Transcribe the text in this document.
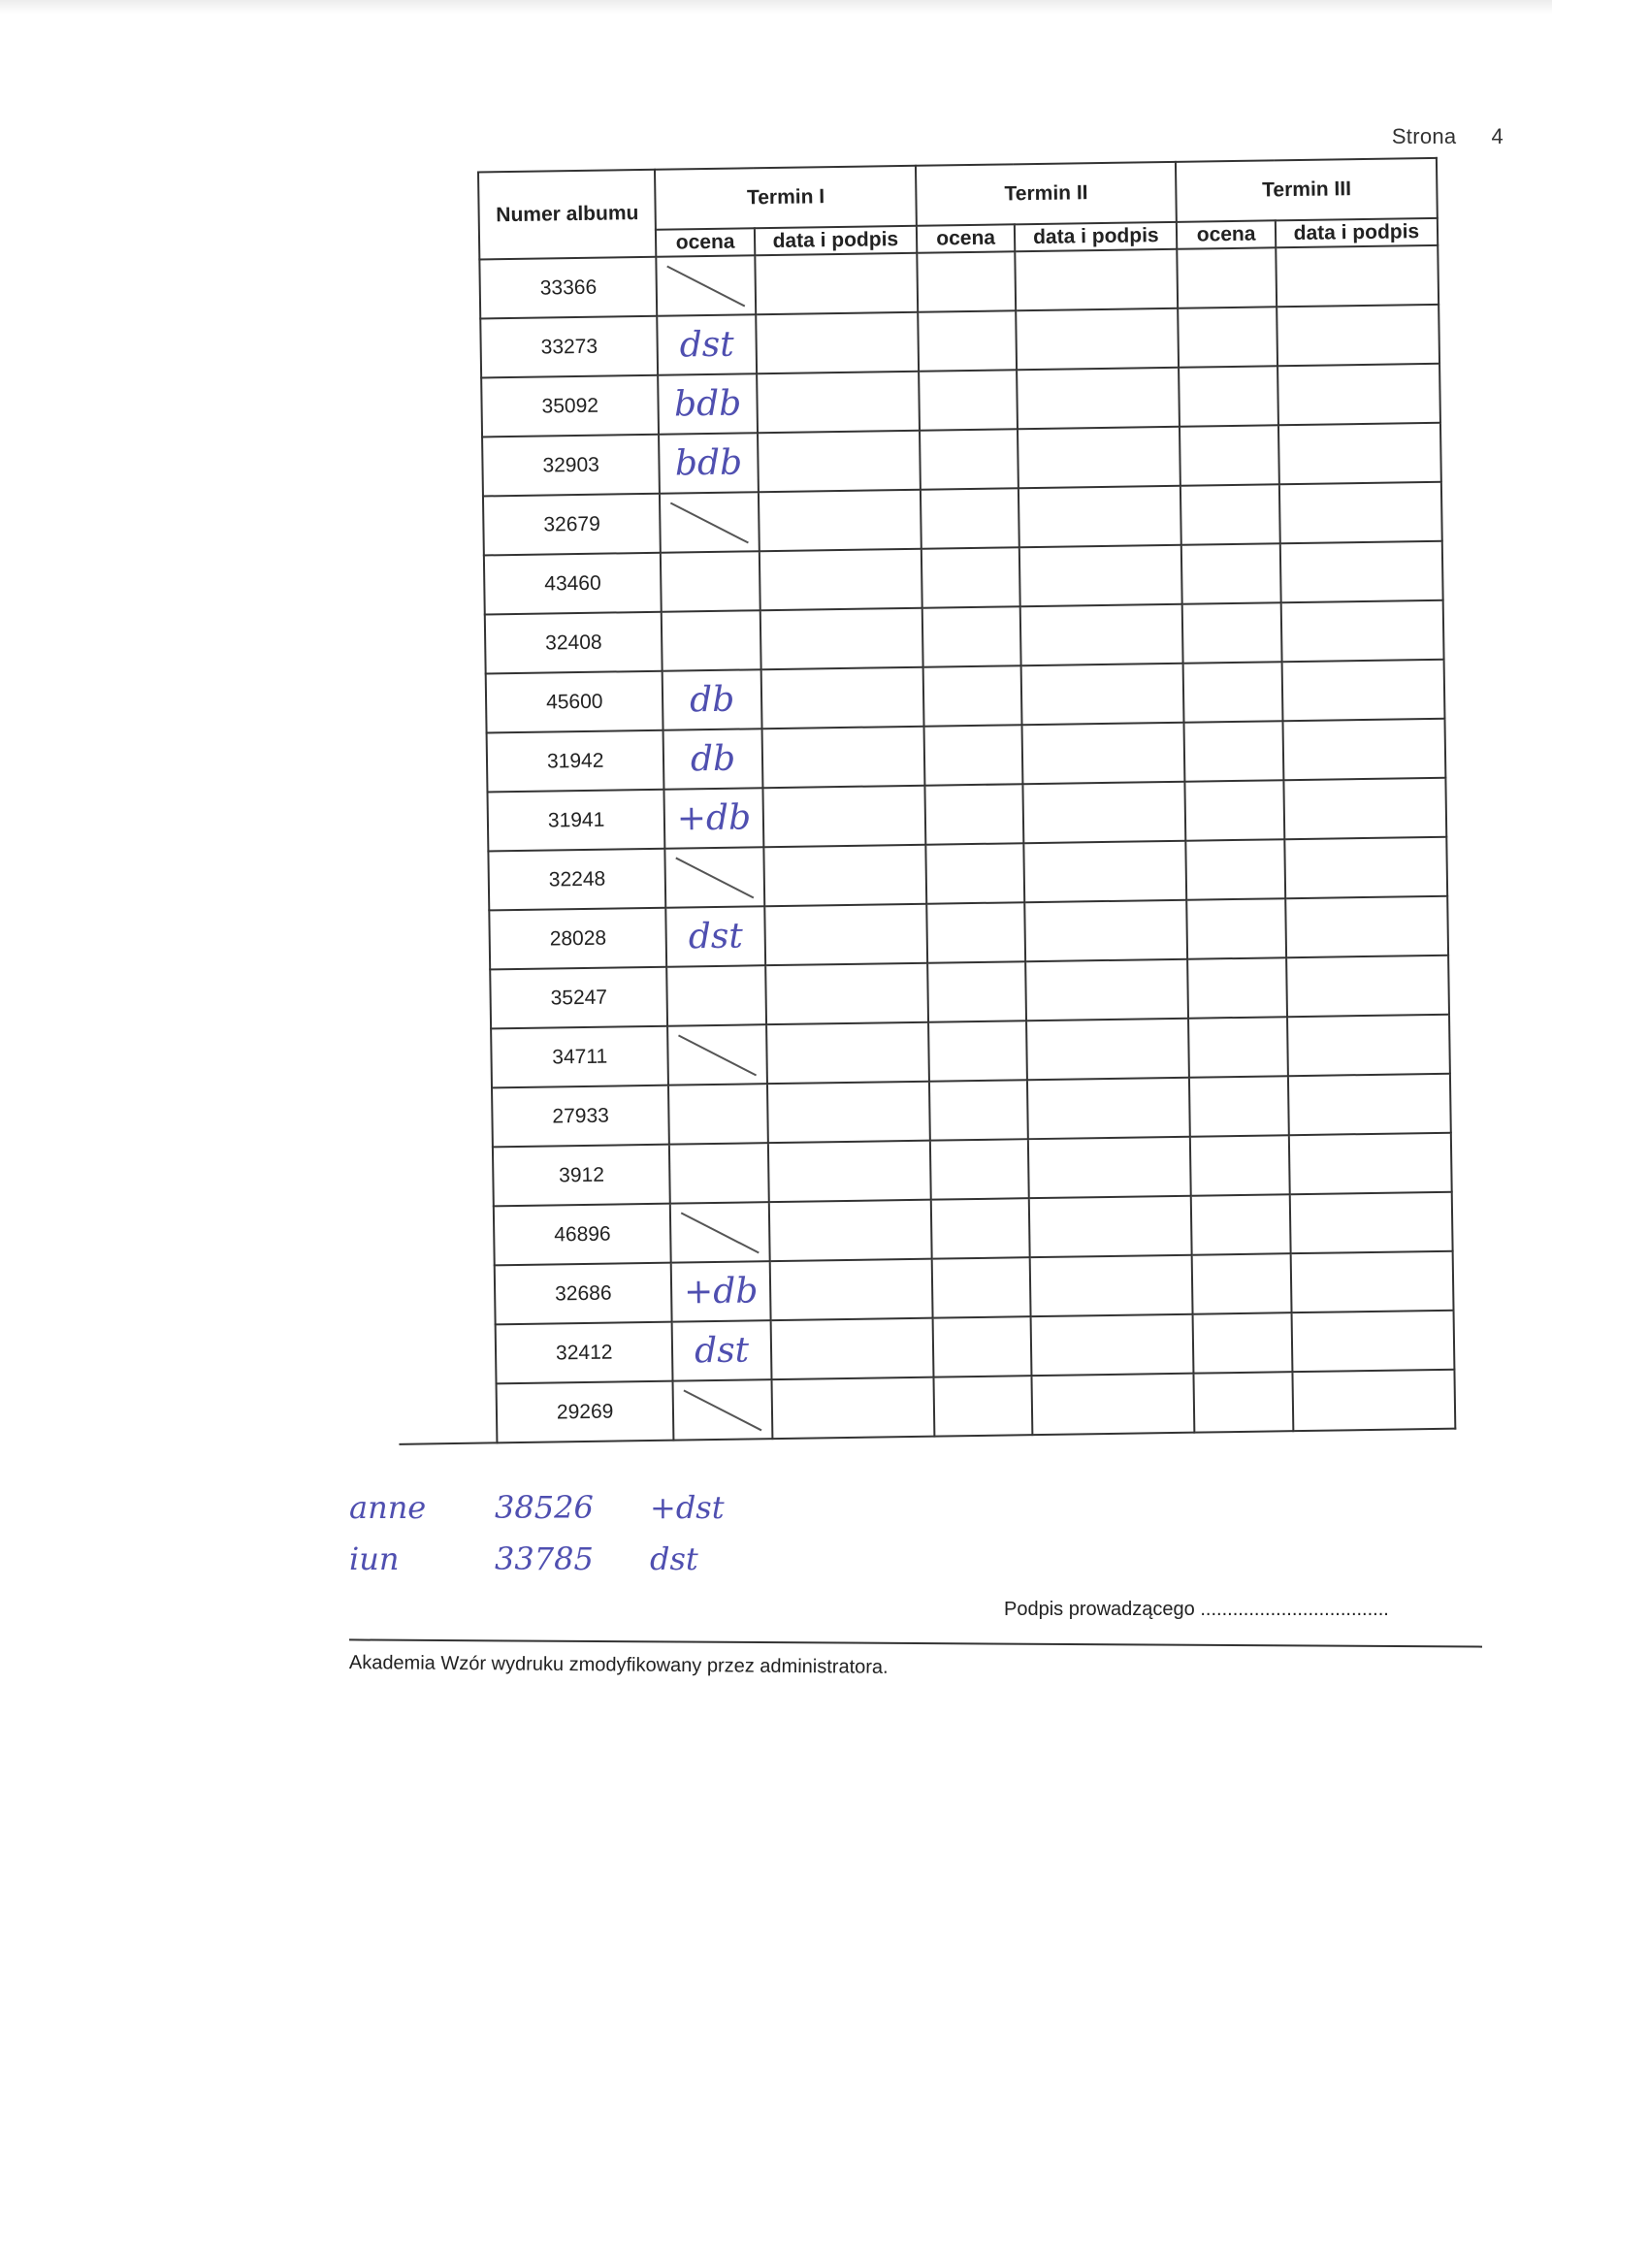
Strona 4
Numer albumu	Termin I		Termin II		Termin III	
	ocena	data i podpis	ocena	data i podpis	ocena	data i podpis
33366	

33273	dst					
35092	bdb					
32903	bdb					
32679	

43460						
32408						
45600	db					
31942	db					
31941	+db					
32248	

28028	dst					
35247						
34711	

27933						
3912						
46896	

32686	+db					
32412	dst					
29269	

anne 38526 +dst
iun	33785 dst
Podpis prowadzącego ...................................
Akademia Wzór wydruku zmodyfikowany przez administratora.
